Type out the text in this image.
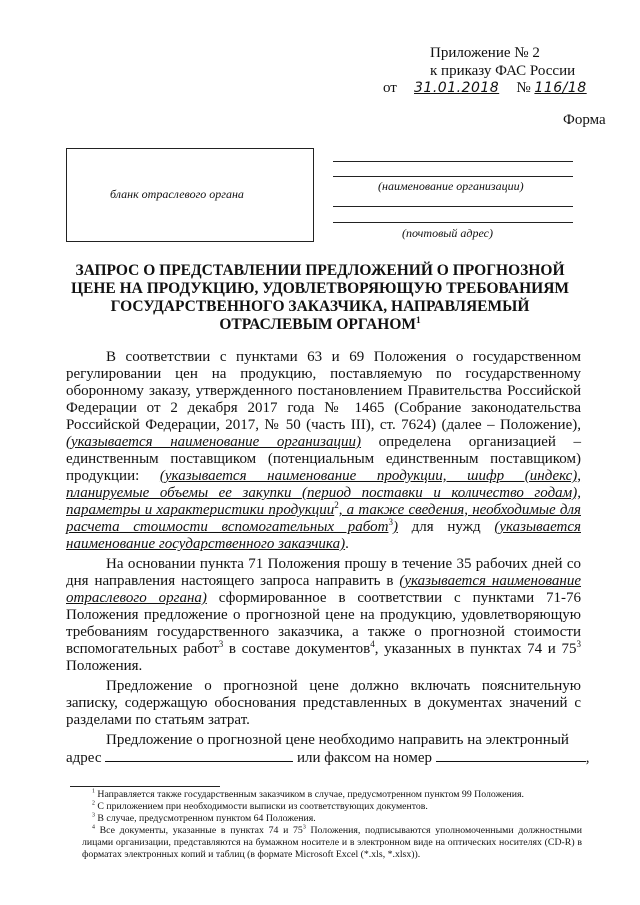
Приложение № 2
к приказу ФАС России
от 31.01.2018 № 116/18
Форма
бланк отраслевого органа
(наименование организации)
(почтовый адрес)
ЗАПРОС О ПРЕДСТАВЛЕНИИ ПРЕДЛОЖЕНИЙ О ПРОГНОЗНОЙ ЦЕНЕ НА ПРОДУКЦИЮ, УДОВЛЕТВОРЯЮЩУЮ ТРЕБОВАНИЯМ ГОСУДАРСТВЕННОГО ЗАКАЗЧИКА, НАПРАВЛЯЕМЫЙ ОТРАСЛЕВЫМ ОРГАНОМ$^1$

В соответствии с пунктами 63 и 69 Положения о государственном регулировании цен на продукцию, поставляемую по государственному оборонному заказу, утвержденного постановлением Правительства Российской Федерации от 2 декабря 2017 года № 1465 (Собрание законодательства Российской Федерации, 2017, № 50 (часть III), ст. 7624) (далее – Положение), (указывается наименование организации) определена организацией – единственным поставщиком (потенциальным единственным поставщиком) продукции: (указывается наименование продукции, шифр (индекс), планируемые объемы ее закупки (период поставки и количество годам), параметры и характеристики продукции$^2$, а также сведения, необходимые для расчета стоимости вспомогательных работ$^3$) для нужд (указывается наименование государственного заказчика).

На основании пункта 71 Положения прошу в течение 35 рабочих дней со дня направления настоящего запроса направить в (указывается наименование отраслевого органа) сформированное в соответствии с пунктами 71-76 Положения предложение о прогнозной цене на продукцию, удовлетворяющую требованиям государственного заказчика, а также о прогнозной стоимости вспомогательных работ$^3$ в составе документов$^4$, указанных в пунктах 74 и $75^3$ Положения.

Предложение о прогнозной цене должно включать пояснительную записку, содержащую обоснования представленных в документах значений с разделами по статьям затрат.

Предложение о прогнозной цене необходимо направить на электронный

адрес	или факсом на номер	,

$^1$ Направляется также государственным заказчиком в случае, предусмотренном пунктом 99 Положения.

$^2$ С приложением при необходимости выписки из соответствующих документов.

$^3$ В случае, предусмотренном пунктом 64 Положения.

$^4$ Все документы, указанные в пунктах 74 и $75^3$ Положения, подписываются уполномоченными должностными лицами организации, представляются на бумажном носителе и в электронном виде на оптических носителях (CD-R) в форматах электронных копий и таблиц (в формате Microsoft Excel (*.xls, *.xlsx)).
